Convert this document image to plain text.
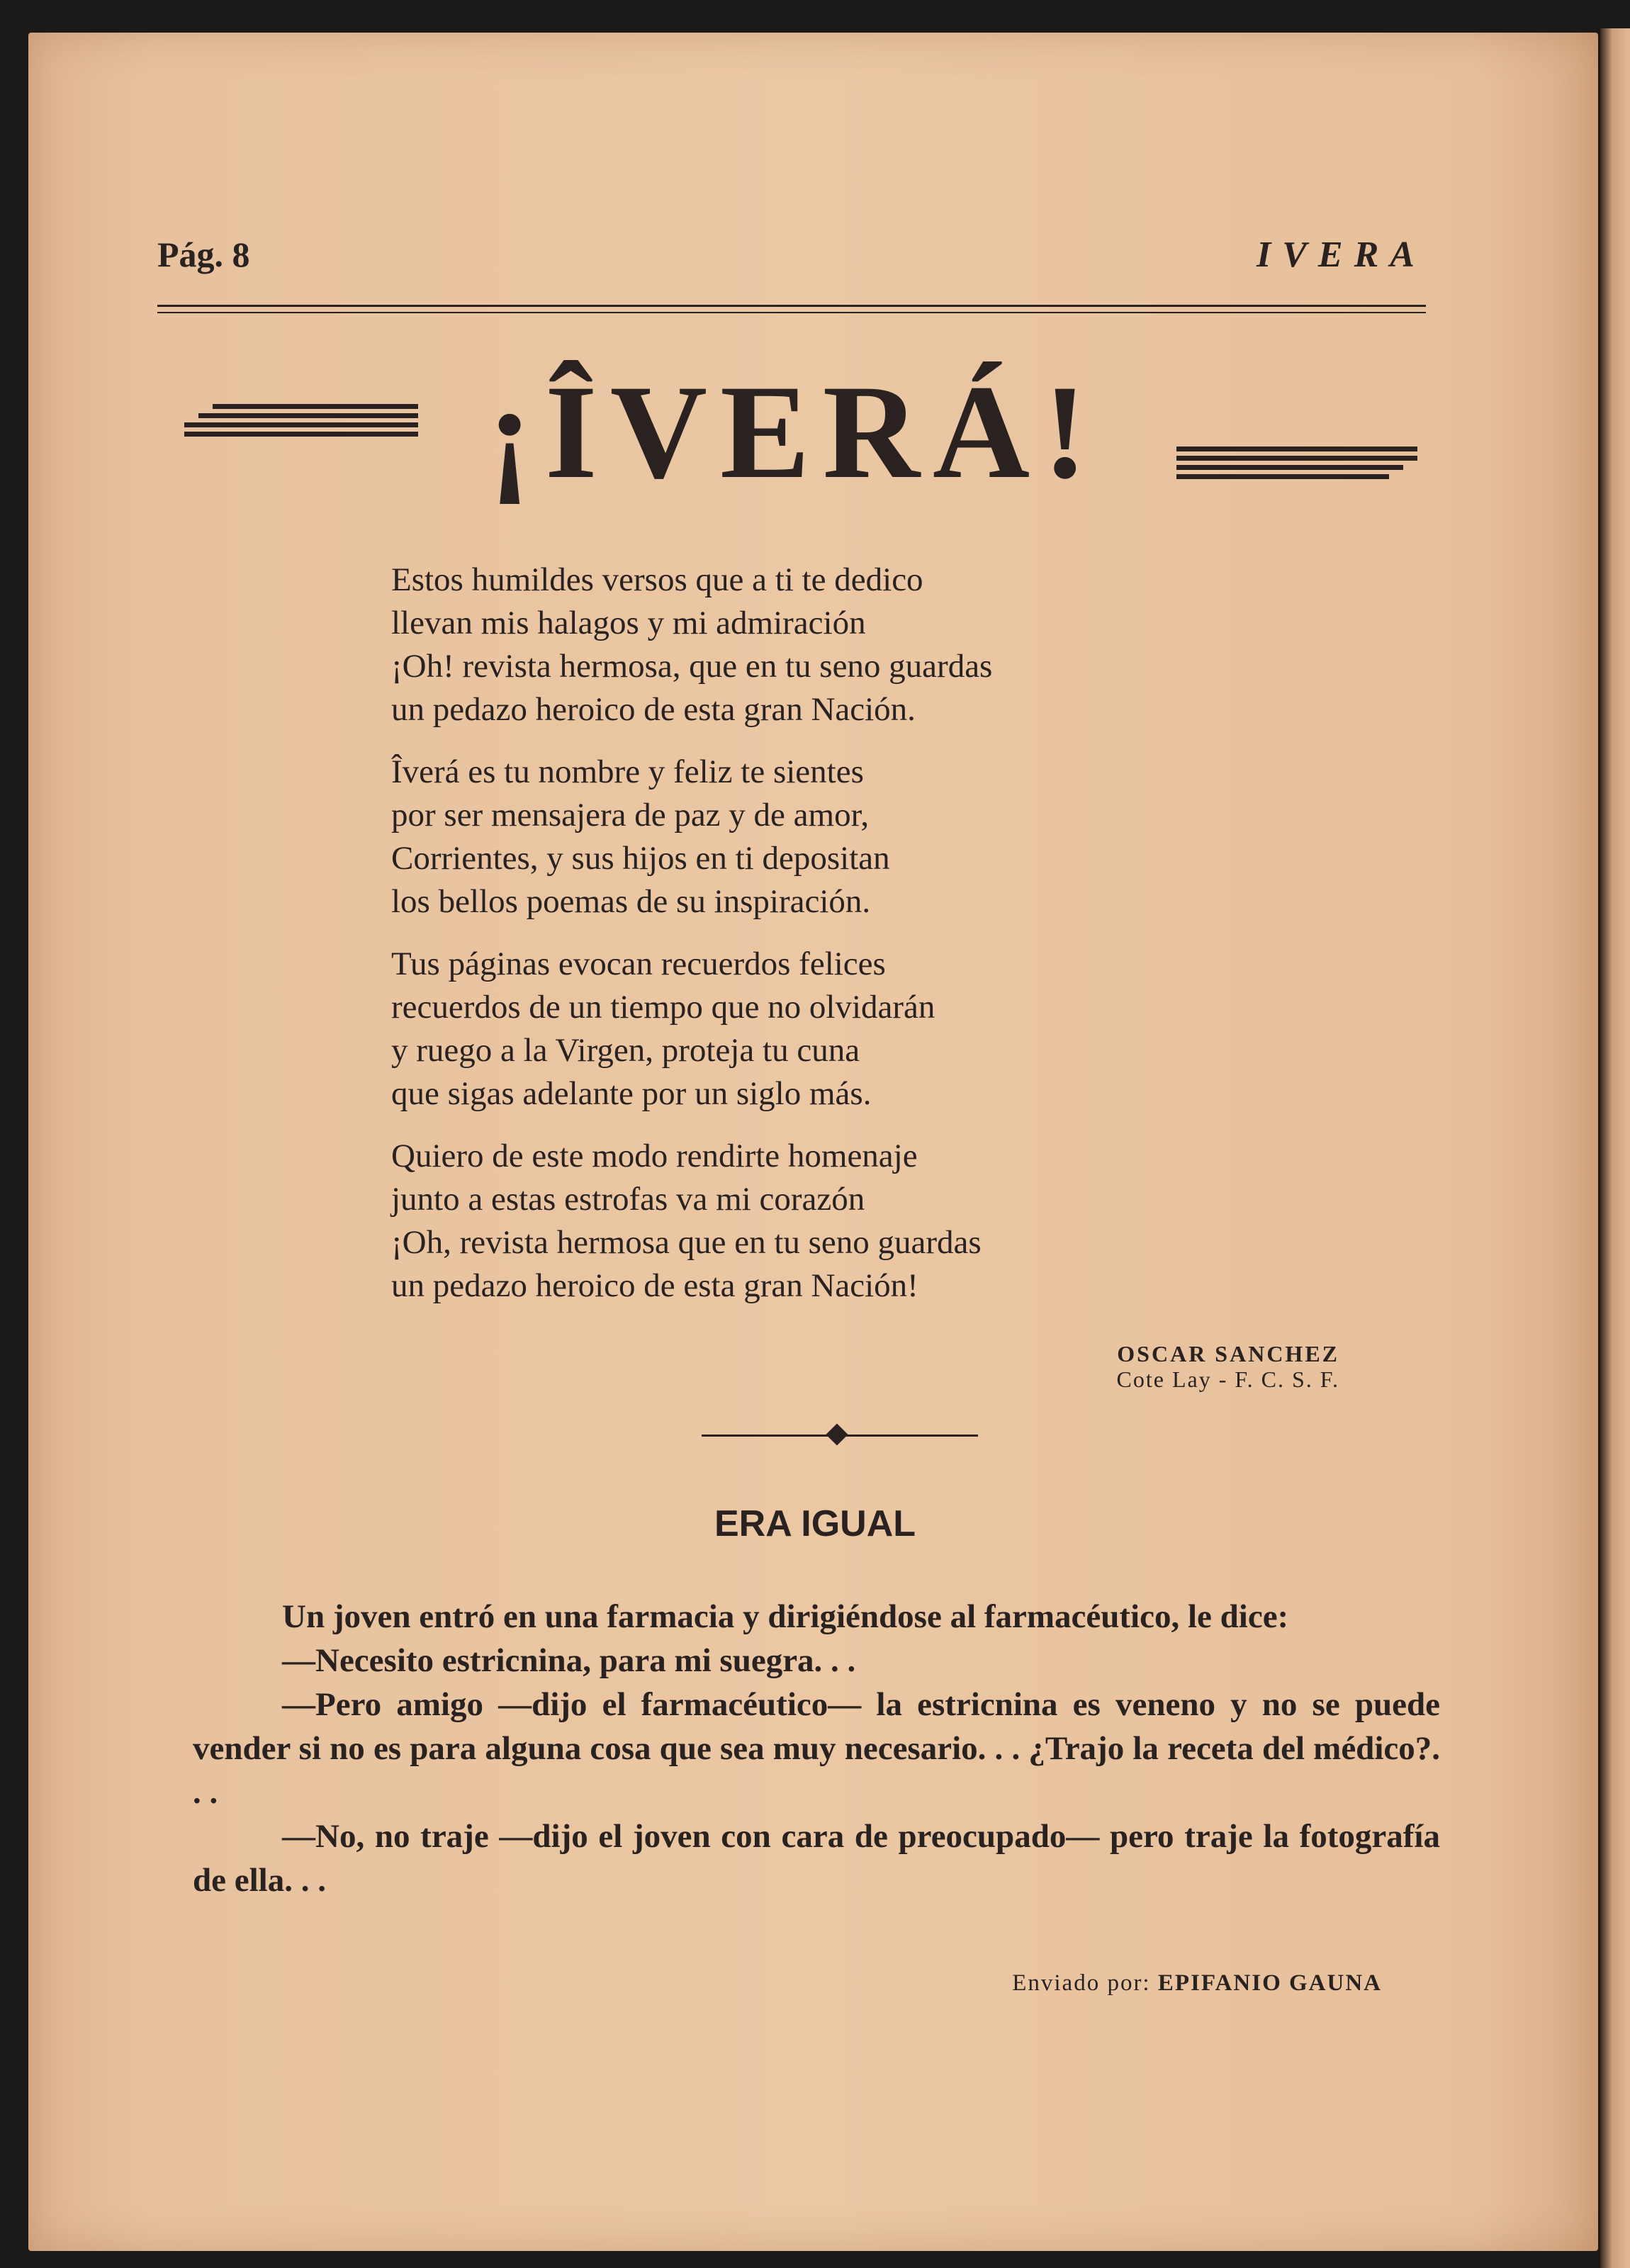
Pág. 8	IVERA
¡ÎVERÁ!
Estos humildes versos que a ti te dedico
llevan mis halagos y mi admiración
¡Oh! revista hermosa, que en tu seno guardas
un pedazo heroico de esta gran Nación.
Îverá es tu nombre y feliz te sientes
por ser mensajera de paz y de amor,
Corrientes, y sus hijos en ti depositan
los bellos poemas de su inspiración.
Tus páginas evocan recuerdos felices
recuerdos de un tiempo que no olvidarán
y ruego a la Virgen, proteja tu cuna
que sigas adelante por un siglo más.
Quiero de este modo rendirte homenaje
junto a estas estrofas va mi corazón
¡Oh, revista hermosa que en tu seno guardas
un pedazo heroico de esta gran Nación!
OSCAR SANCHEZ
Cote Lay - F. C. S. F.
ERA IGUAL

Un joven entró en una farmacia y dirigiéndose al farmacéutico, le dice:

—Necesito estricnina, para mi suegra. . .

—Pero amigo —dijo el farmacéutico— la estricnina es veneno y no se puede vender si no es para alguna cosa que sea muy necesario. . . ¿Trajo la receta del médico?. . .

—No, no traje —dijo el joven con cara de preocupado— pero traje la fotografía de ella. . .

Enviado por: EPIFANIO GAUNA
